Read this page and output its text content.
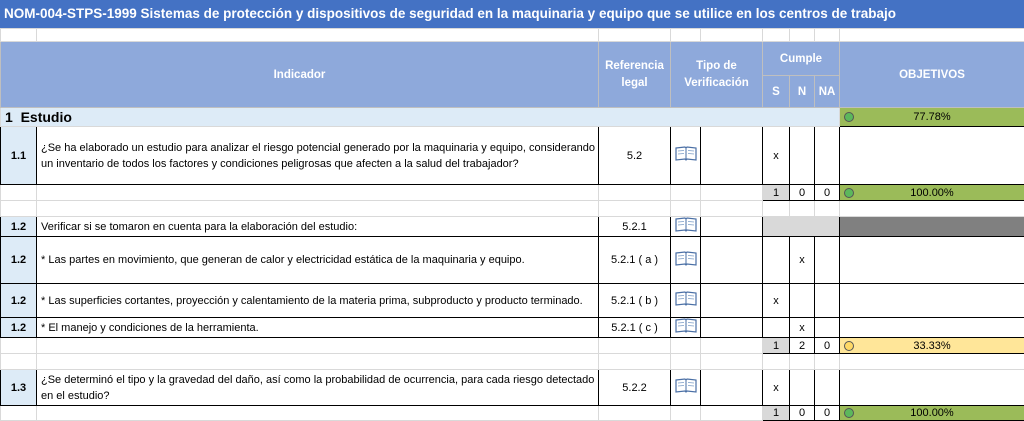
NOM-004-STPS-1999 Sistemas de protección y dispositivos de seguridad en la maquinaria y equipo que se utilice en los centros de trabajo

Indicador		Referencia legal	Tipo de Verificación		Cumple			OBJETIVOS
					S	N	NA	
1 Estudio								77.78%
1.1	¿Se ha elaborado un estudio para analizar el riesgo potencial generado por la maquinaria y equipo, considerando un inventario de todos los factores y condiciones peligrosas que afecten a la salud del trabajador?	5.2			x			
					1	0	0	100.00%

1.2	Verificar si se tomaron en cuenta para la elaboración del estudio:	5.2.1				
1.2	* Las partes en movimiento, que generan de calor y electricidad estática de la maquinaria y equipo.	5.2.1 ( a )				x		
1.2	* Las superficies cortantes, proyección y calentamiento de la materia prima, subproducto y producto terminado.	5.2.1 ( b )			x			
1.2	* El manejo y condiciones de la herramienta.	5.2.1 ( c )				x		
					1	2	0	33.33%

1.3	¿Se determinó el tipo y la gravedad del daño, así como la probabilidad de ocurrencia, para cada riesgo detectado en el estudio?	5.2.2			x			
					1	0	0	100.00%
